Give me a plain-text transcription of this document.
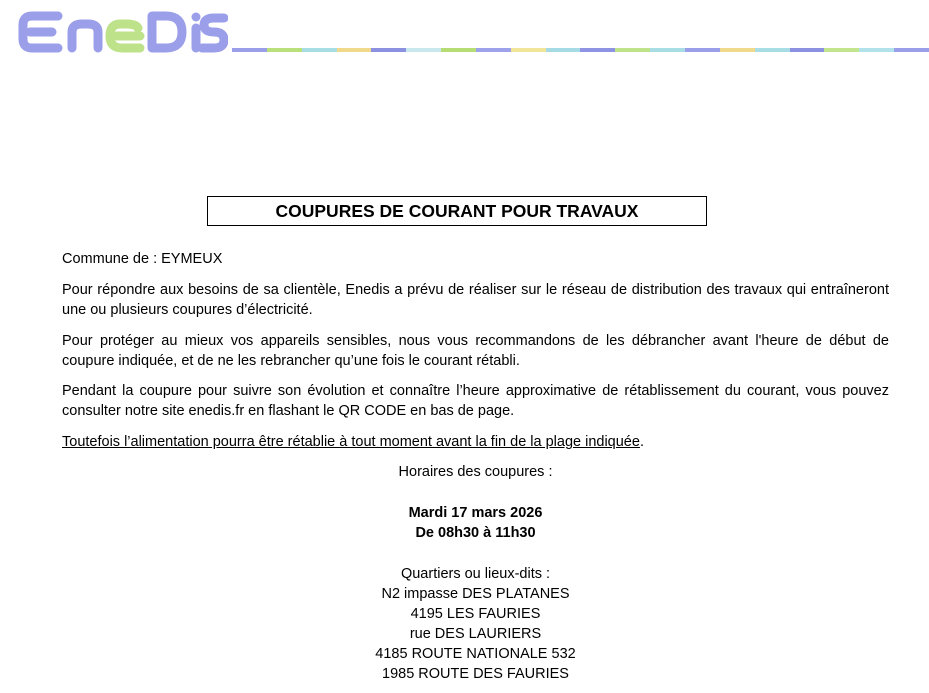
COUPURES DE COURANT POUR TRAVAUX
Commune de : EYMEUX
Pour répondre aux besoins de sa clientèle, Enedis a prévu de réaliser sur le réseau de distribution des travaux qui entraîneront une ou plusieurs coupures d’électricité.
Pour protéger au mieux vos appareils sensibles, nous vous recommandons de les débrancher avant l'heure de début de coupure indiquée, et de ne les rebrancher qu’une fois le courant rétabli.
Pendant la coupure pour suivre son évolution et connaître l’heure approximative de rétablissement du courant, vous pouvez consulter notre site enedis.fr en flashant le QR CODE en bas de page.
Toutefois l’alimentation pourra être rétablie à tout moment avant la fin de la plage indiquée.
Horaires des coupures :
Mardi 17 mars 2026
De 08h30 à 11h30
Quartiers ou lieux-dits :
N2 impasse DES PLATANES
4195 LES FAURIES
rue DES LAURIERS
4185 ROUTE NATIONALE 532
1985 ROUTE DES FAURIES
